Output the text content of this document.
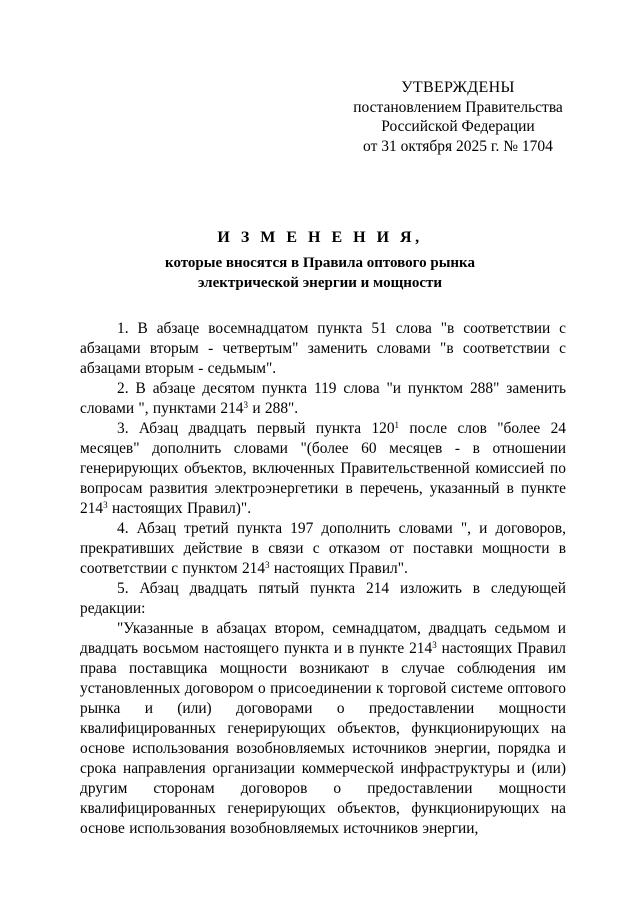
УТВЕРЖДЕНЫ
постановлением Правительства
Российской Федерации
от 31 октября 2025 г. № 1704
И З М Е Н Е Н И Я,
которые вносятся в Правила оптового рынка
электрической энергии и мощности

1. В абзаце восемнадцатом пункта 51 слова "в соответствии с абзацами вторым - четвертым" заменить словами "в соответствии с абзацами вторым - седьмым".

2. В абзаце десятом пункта 119 слова "и пунктом 288" заменить словами ", пунктами $214^3$ и 288".

3. Абзац двадцать первый пункта $120^1$ после слов "более 24 месяцев" дополнить словами "(более 60 месяцев - в отношении генерирующих объектов, включенных Правительственной комиссией по вопросам развития электроэнергетики в перечень, указанный в пункте $214^3$ настоящих Правил)".

4. Абзац третий пункта 197 дополнить словами ", и договоров, прекративших действие в связи с отказом от поставки мощности в соответствии с пунктом $214^3$ настоящих Правил".

5. Абзац двадцать пятый пункта 214 изложить в следующей редакции:

"Указанные в абзацах втором, семнадцатом, двадцать седьмом и двадцать восьмом настоящего пункта и в пункте $214^3$ настоящих Правил права поставщика мощности возникают в случае соблюдения им установленных договором о присоединении к торговой системе оптового рынка и (или) договорами о предоставлении мощности квалифицированных генерирующих объектов, функционирующих на основе использования возобновляемых источников энергии, порядка и срока направления организации коммерческой инфраструктуры и (или) другим сторонам договоров о предоставлении мощности квалифицированных генерирующих объектов, функционирующих на основе использования возобновляемых источников энергии,
